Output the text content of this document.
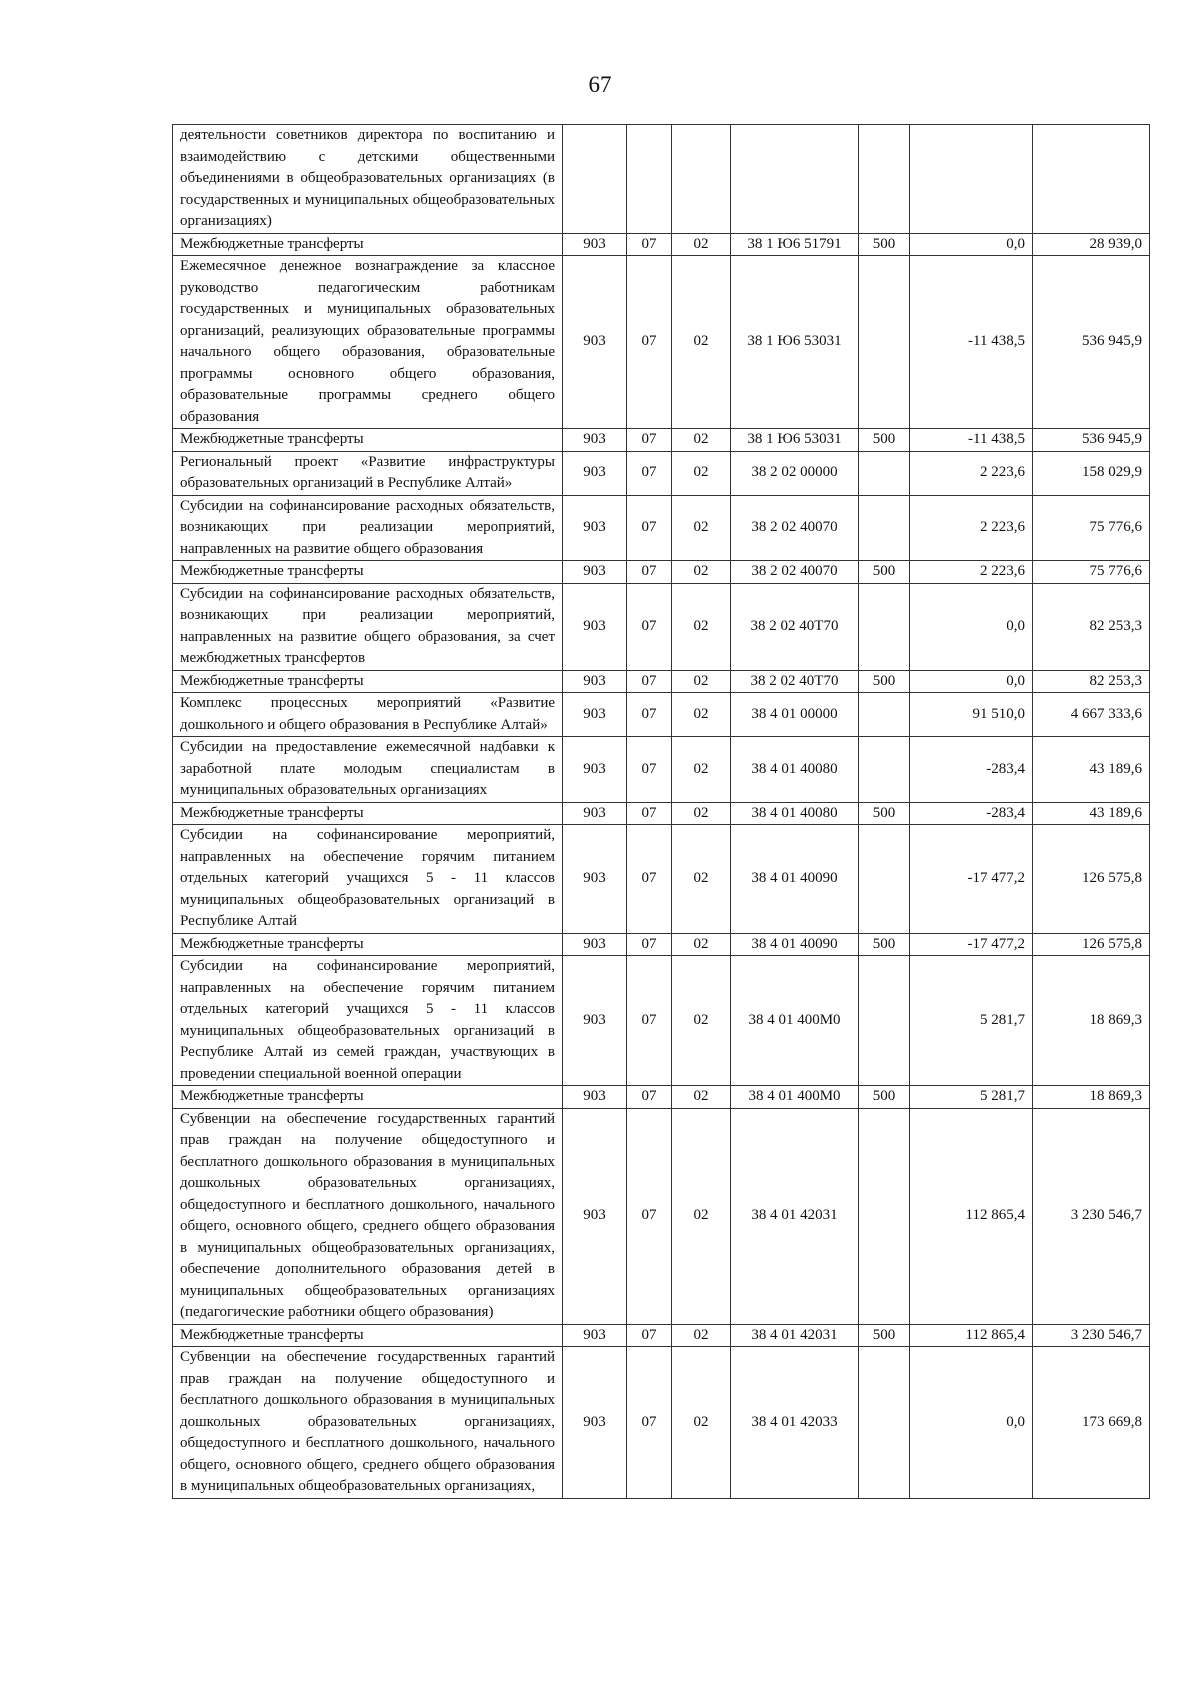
67
деятельности советников директора по воспитанию и взаимодействию с детскими общественными объединениями в общеобразовательных организациях (в государственных и муниципальных общеобразовательных организациях)							
Межбюджетные трансферты	903	07	02	38 1 Ю6 51791	500	0,0	28 939,0
Ежемесячное денежное вознаграждение за классное руководство педагогическим работникам государственных и муниципальных образовательных организаций, реализующих образовательные программы начального общего образования, образовательные программы основного общего образования, образовательные программы среднего общего образования	903	07	02	38 1 Ю6 53031		-11 438,5	536 945,9
Межбюджетные трансферты	903	07	02	38 1 Ю6 53031	500	-11 438,5	536 945,9
Региональный проект «Развитие инфраструктуры образовательных организаций в Республике Алтай»	903	07	02	38 2 02 00000		2 223,6	158 029,9
Субсидии на софинансирование расходных обязательств, возникающих при реализации мероприятий, направленных на развитие общего образования	903	07	02	38 2 02 40070		2 223,6	75 776,6
Межбюджетные трансферты	903	07	02	38 2 02 40070	500	2 223,6	75 776,6
Субсидии на софинансирование расходных обязательств, возникающих при реализации мероприятий, направленных на развитие общего образования, за счет межбюджетных трансфертов	903	07	02	38 2 02 40Т70		0,0	82 253,3
Межбюджетные трансферты	903	07	02	38 2 02 40Т70	500	0,0	82 253,3
Комплекс процессных мероприятий «Развитие дошкольного и общего образования в Республике Алтай»	903	07	02	38 4 01 00000		91 510,0	4 667 333,6
Субсидии на предоставление ежемесячной надбавки к заработной плате молодым специалистам в муниципальных образовательных организациях	903	07	02	38 4 01 40080		-283,4	43 189,6
Межбюджетные трансферты	903	07	02	38 4 01 40080	500	-283,4	43 189,6
Субсидии на софинансирование мероприятий, направленных на обеспечение горячим питанием отдельных категорий учащихся 5 - 11 классов муниципальных общеобразовательных организаций в Республике Алтай	903	07	02	38 4 01 40090		-17 477,2	126 575,8
Межбюджетные трансферты	903	07	02	38 4 01 40090	500	-17 477,2	126 575,8
Субсидии на софинансирование мероприятий, направленных на обеспечение горячим питанием отдельных категорий учащихся 5 - 11 классов муниципальных общеобразовательных организаций в Республике Алтай из семей граждан, участвующих в проведении специальной военной операции	903	07	02	38 4 01 400М0		5 281,7	18 869,3
Межбюджетные трансферты	903	07	02	38 4 01 400М0	500	5 281,7	18 869,3
Субвенции на обеспечение государственных гарантий прав граждан на получение общедоступного и бесплатного дошкольного образования в муниципальных дошкольных образовательных организациях, общедоступного и бесплатного дошкольного, начального общего, основного общего, среднего общего образования в муниципальных общеобразовательных организациях, обеспечение дополнительного образования детей в муниципальных общеобразовательных организациях (педагогические работники общего образования)	903	07	02	38 4 01 42031		112 865,4	3 230 546,7
Межбюджетные трансферты	903	07	02	38 4 01 42031	500	112 865,4	3 230 546,7
Субвенции на обеспечение государственных гарантий прав граждан на получение общедоступного и бесплатного дошкольного образования в муниципальных дошкольных образовательных организациях, общедоступного и бесплатного дошкольного, начального общего, основного общего, среднего общего образования в муниципальных общеобразовательных организациях,	903	07	02	38 4 01 42033		0,0	173 669,8
